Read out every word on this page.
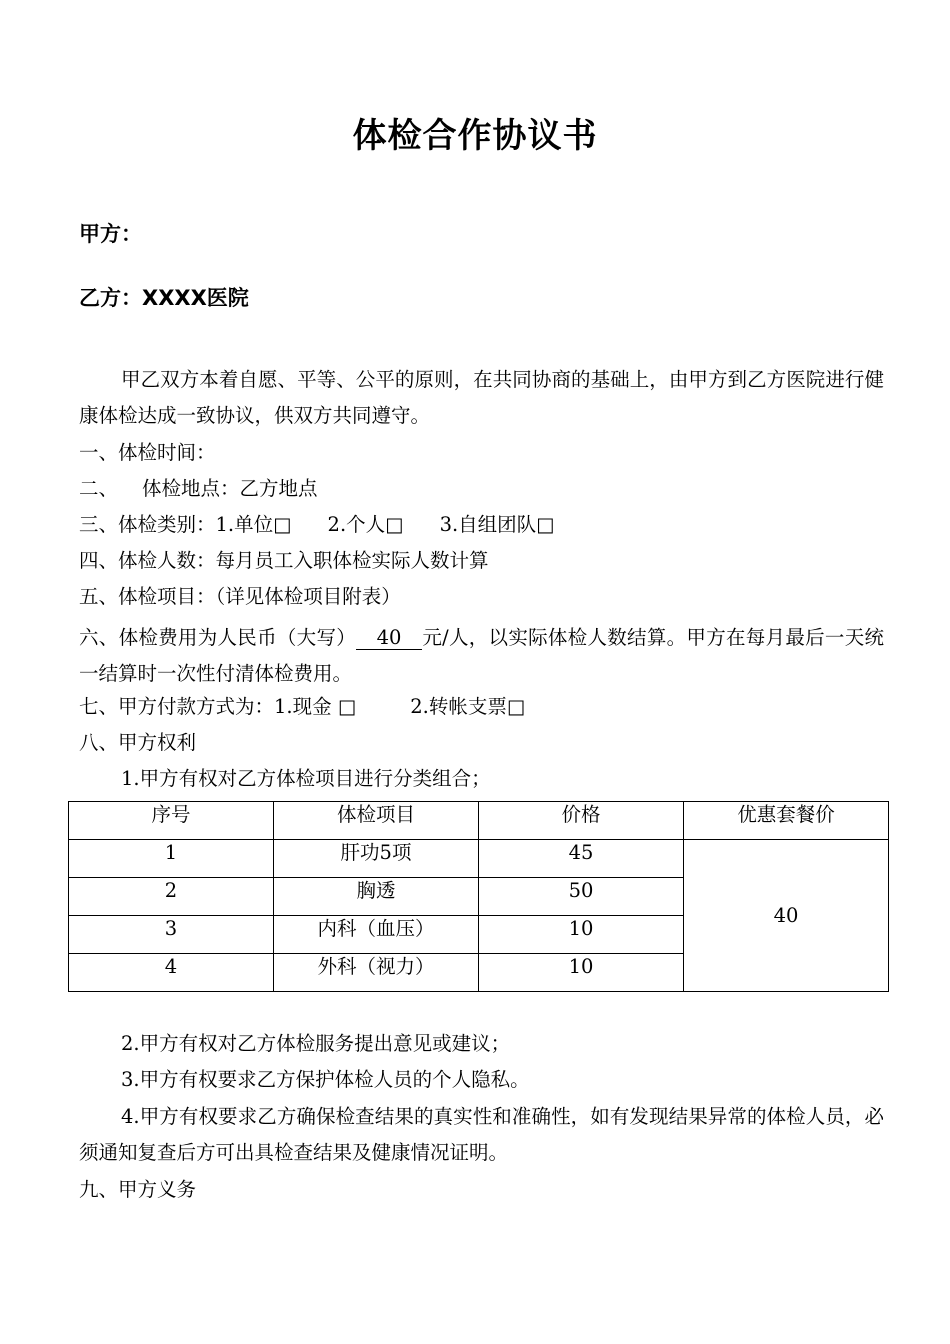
体检合作协议书
甲方：
乙方：XXXX医院
甲乙双方本着自愿、平等、公平的原则，在共同协商的基础上，由甲方到乙方医院进行健康体检达成一致协议，供双方共同遵守。
一、体检时间：
二、 体检地点：乙方地点
三、体检类别：1.单位□ 2.个人□ 3.自组团队□
四、体检人数：每月员工入职体检实际人数计算
五、体检项目：（详见体检项目附表）
六、体检费用为人民币（大写） 40 元/人，以实际体检人数结算。甲方在每月最后一天统一结算时一次性付清体检费用。
七、甲方付款方式为：1.现金 □	2.转帐支票□
八、甲方权利
1.甲方有权对乙方体检项目进行分类组合；
序号	体检项目	价格	优惠套餐价
1	肝功5项	45	40
2	胸透	50	
3	内科（血压）	10	
4	外科（视力）	10	
2.甲方有权对乙方体检服务提出意见或建议；
3.甲方有权要求乙方保护体检人员的个人隐私。
4.甲方有权要求乙方确保检查结果的真实性和准确性，如有发现结果异常的体检人员，必须通知复查后方可出具检查结果及健康情况证明。
九、甲方义务
